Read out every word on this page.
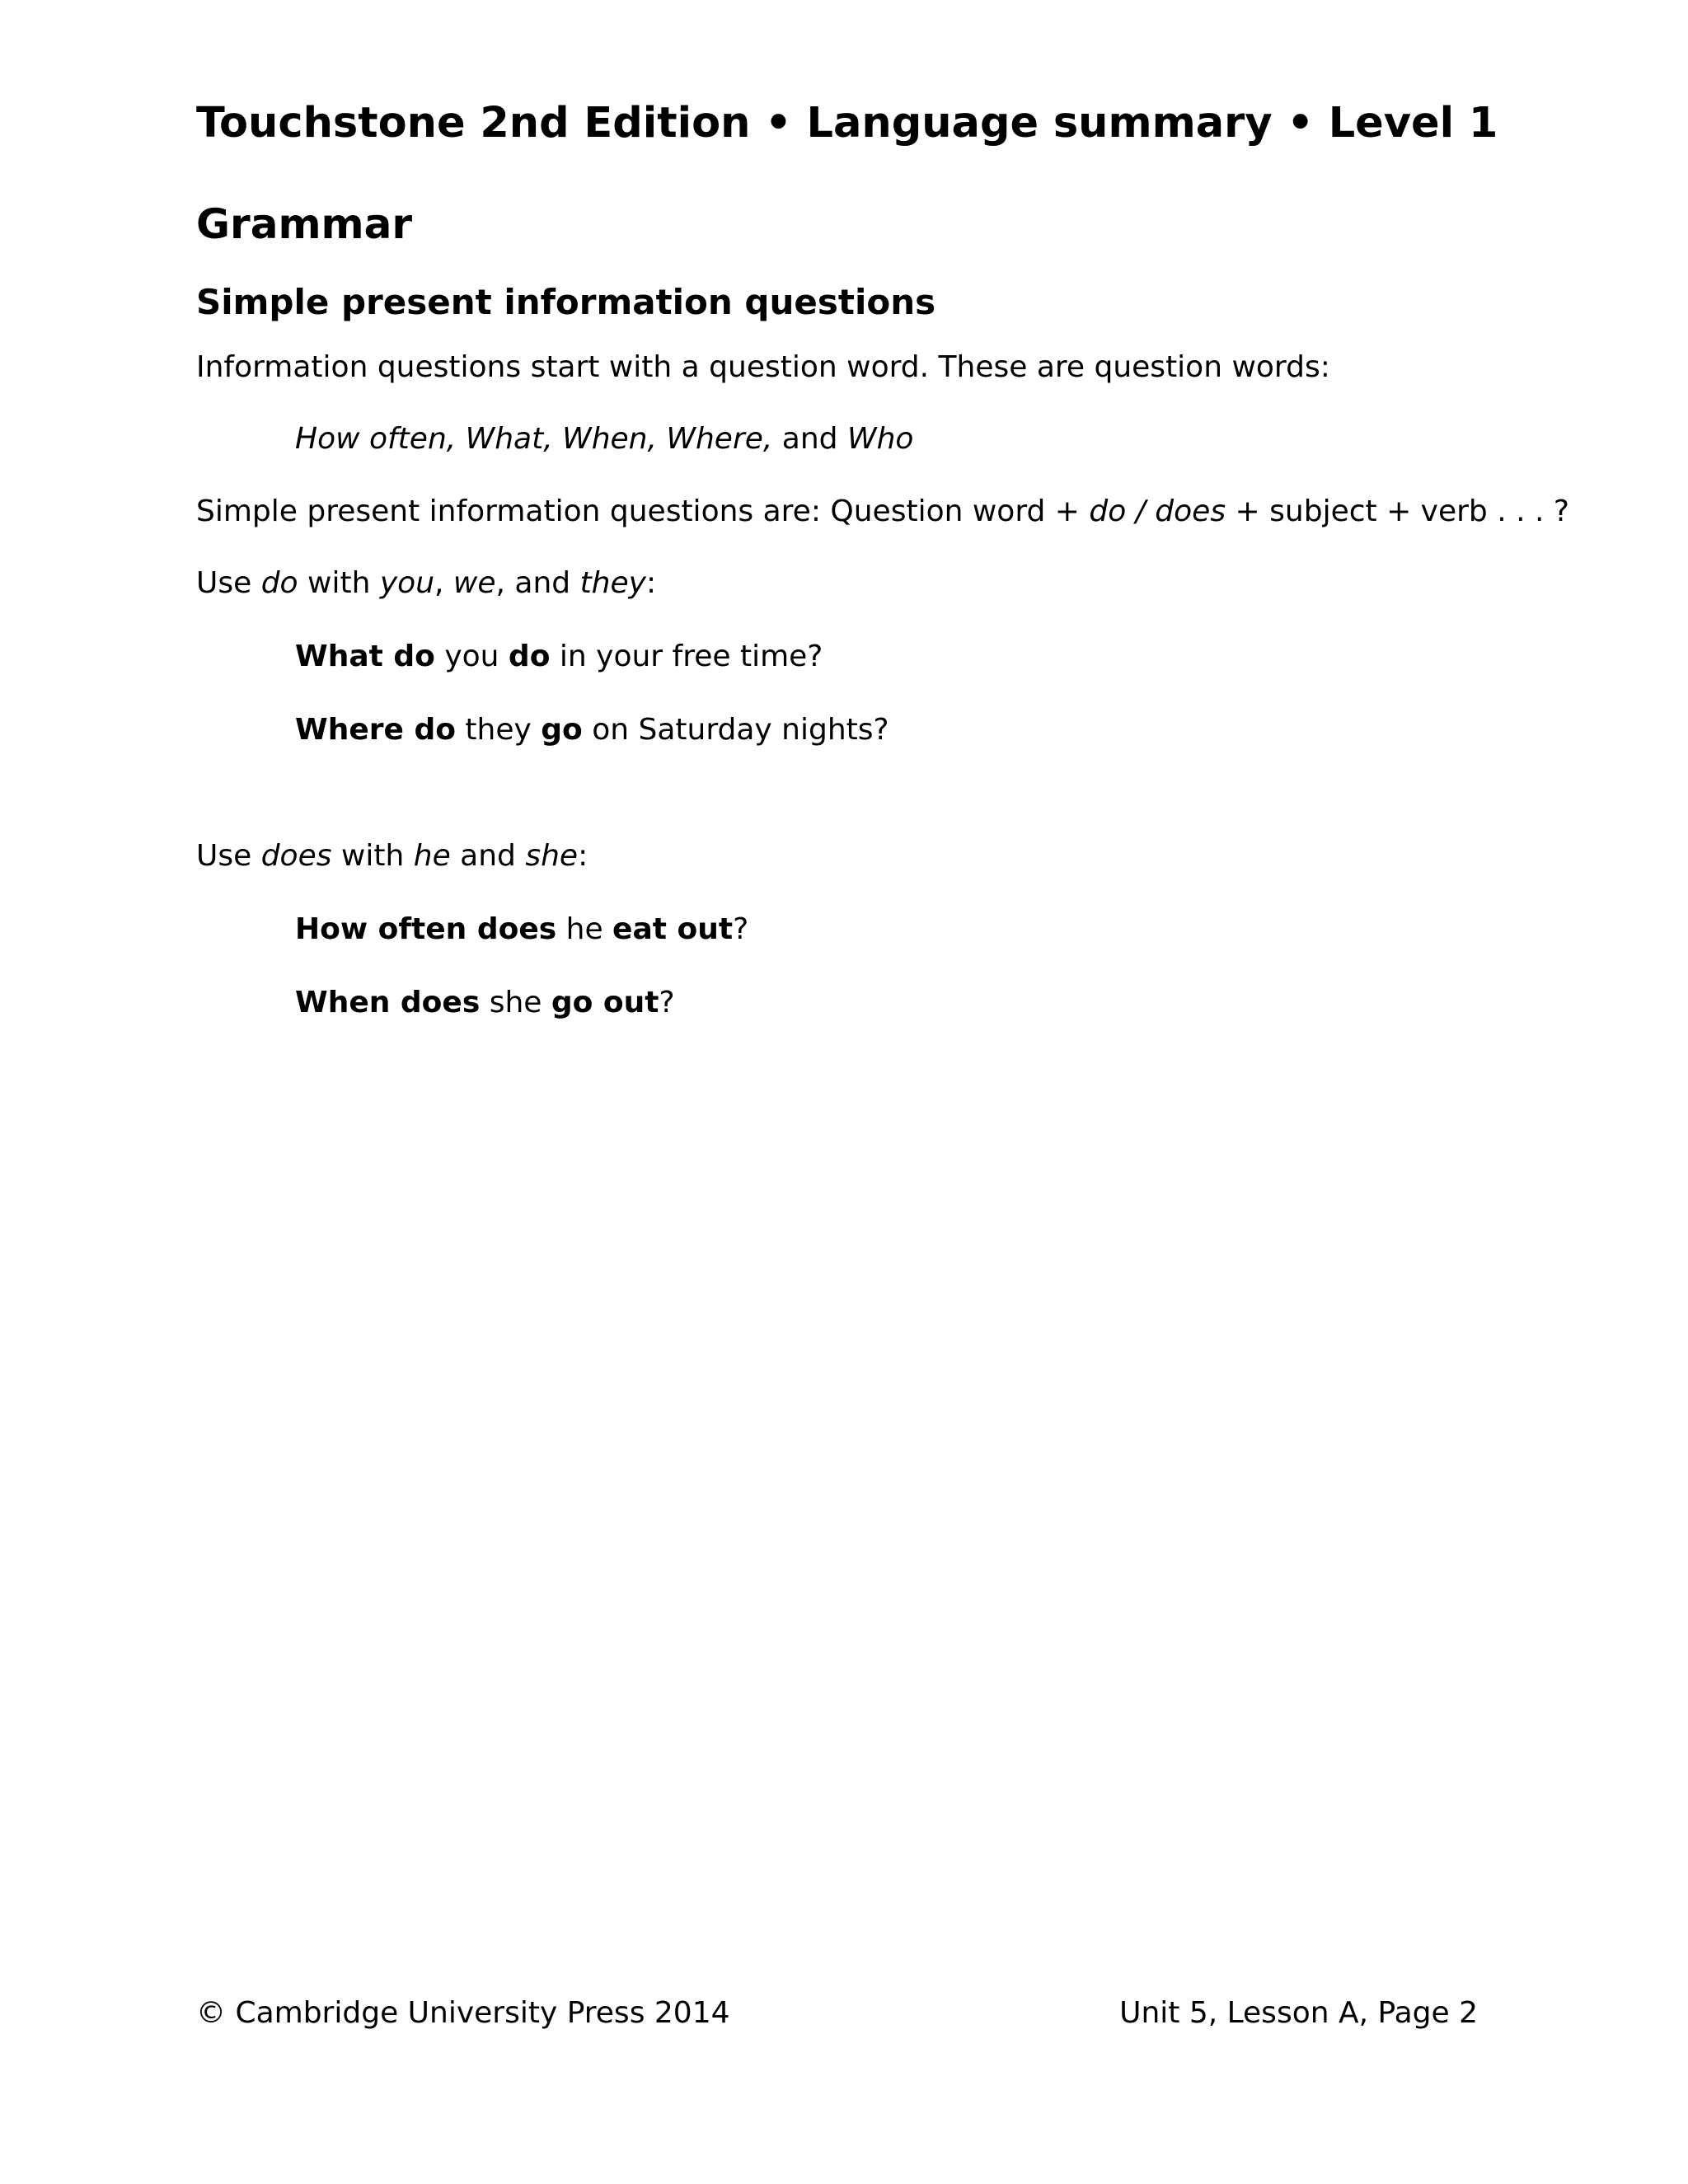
Touchstone 2nd Edition • Language summary • Level 1
Grammar
Simple present information questions

Information questions start with a question word. These are question words:

How often, What, When, Where, and Who

Simple present information questions are: Question word + do / does + subject + verb . . . ?

Use do with you, we, and they:

What do you do in your free time?

Where do they go on Saturday nights?

Use does with he and she:

How often does he eat out?

When does she go out?

© Cambridge University Press 2014	Unit 5, Lesson A, Page 2
